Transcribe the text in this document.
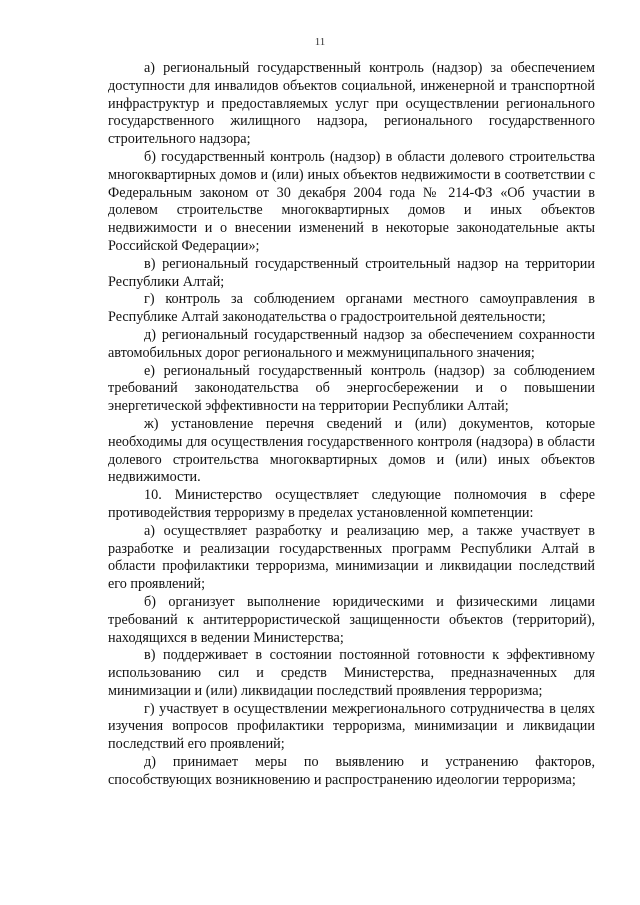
11

а) региональный государственный контроль (надзор) за обеспечением доступности для инвалидов объектов социальной, инженерной и транспортной инфраструктур и предоставляемых услуг при осуществлении регионального государственного жилищного надзора, регионального государственного строительного надзора;

б) государственный контроль (надзор) в области долевого строительства многоквартирных домов и (или) иных объектов недвижимости в соответствии с Федеральным законом от 30 декабря 2004 года № 214-ФЗ «Об участии в долевом строительстве многоквартирных домов и иных объектов недвижимости и о внесении изменений в некоторые законодательные акты Российской Федерации»;

в) региональный государственный строительный надзор на территории Республики Алтай;

г) контроль за соблюдением органами местного самоуправления в Республике Алтай законодательства о градостроительной деятельности;

д) региональный государственный надзор за обеспечением сохранности автомобильных дорог регионального и межмуниципального значения;

е) региональный государственный контроль (надзор) за соблюдением требований законодательства об энергосбережении и о повышении энергетической эффективности на территории Республики Алтай;

ж) установление перечня сведений и (или) документов, которые необходимы для осуществления государственного контроля (надзора) в области долевого строительства многоквартирных домов и (или) иных объектов недвижимости.

10. Министерство осуществляет следующие полномочия в сфере противодействия терроризму в пределах установленной компетенции:

а) осуществляет разработку и реализацию мер, а также участвует в разработке и реализации государственных программ Республики Алтай в области профилактики терроризма, минимизации и ликвидации последствий его проявлений;

б) организует выполнение юридическими и физическими лицами требований к антитеррористической защищенности объектов (территорий), находящихся в ведении Министерства;

в) поддерживает в состоянии постоянной готовности к эффективному использованию сил и средств Министерства, предназначенных для минимизации и (или) ликвидации последствий проявления терроризма;

г) участвует в осуществлении межрегионального сотрудничества в целях изучения вопросов профилактики терроризма, минимизации и ликвидации последствий его проявлений;

д) принимает меры по выявлению и устранению факторов, способствующих возникновению и распространению идеологии терроризма;
